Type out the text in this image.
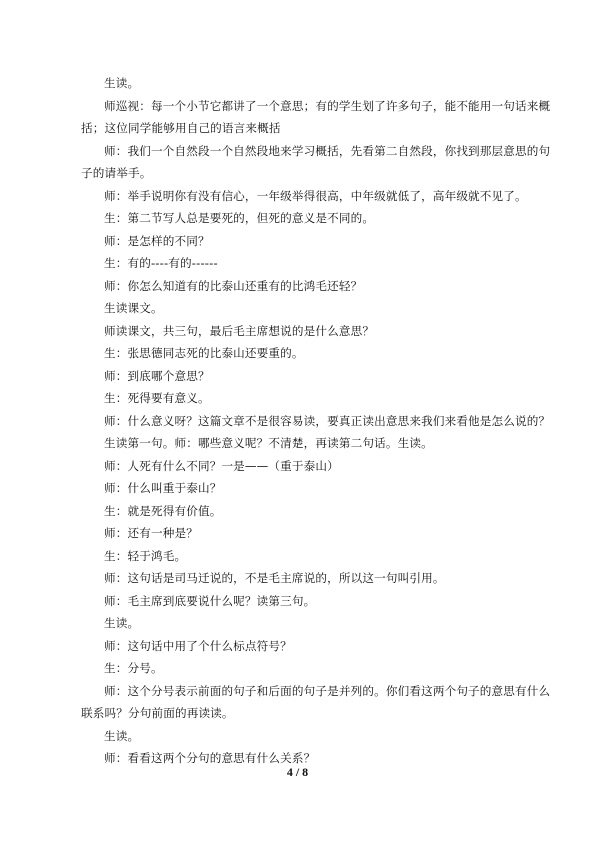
生读。
师巡视：每一个小节它都讲了一个意思；有的学生划了许多句子，能不能用一句话来概
括；这位同学能够用自己的语言来概括
师：我们一个自然段一个自然段地来学习概括，先看第二自然段，你找到那层意思的句
子的请举手。
师：举手说明你有没有信心，一年级举得很高，中年级就低了，高年级就不见了。
生：第二节写人总是要死的，但死的意义是不同的。
师：是怎样的不同？
生：有的----有的------
师：你怎么知道有的比泰山还重有的比鸿毛还轻？
生读课文。
师读课文，共三句，最后毛主席想说的是什么意思？
生：张思德同志死的比泰山还要重的。
师：到底哪个意思？
生：死得要有意义。
师：什么意义呀？这篇文章不是很容易读，要真正读出意思来我们来看他是怎么说的？
生读第一句。师：哪些意义呢？不清楚，再读第二句话。生读。
师：人死有什么不同？一是——（重于泰山）
师：什么叫重于泰山？
生：就是死得有价值。
师：还有一种是？
生：轻于鸿毛。
师：这句话是司马迁说的，不是毛主席说的，所以这一句叫引用。
师：毛主席到底要说什么呢？读第三句。
生读。
师：这句话中用了个什么标点符号？
生：分号。
师：这个分号表示前面的句子和后面的句子是并列的。你们看这两个句子的意思有什么
联系吗？分句前面的再读读。
生读。
师：看看这两个分句的意思有什么关系？
4 / 8
